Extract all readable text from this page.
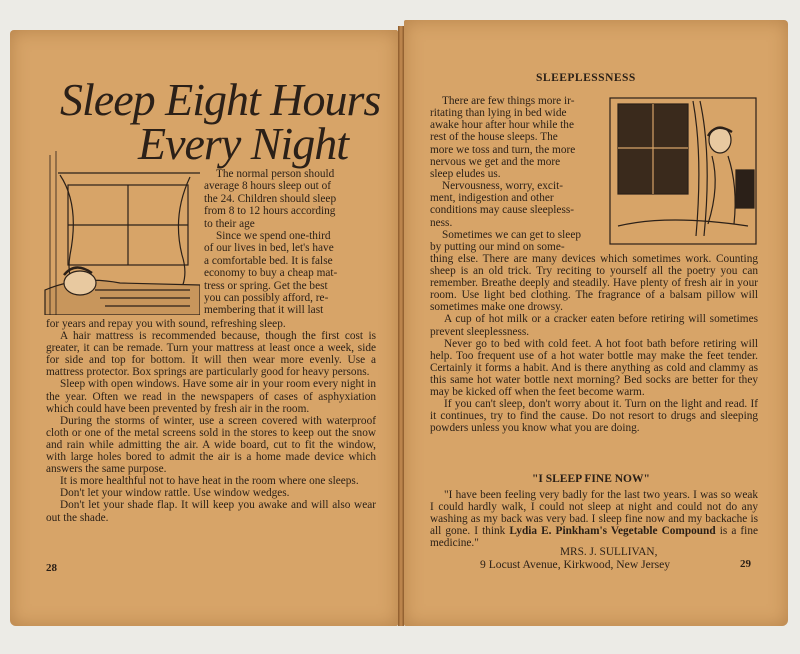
Sleep Eight Hours
Every Night
The normal person should
average 8 hours sleep out of
the 24. Children should sleep
from 8 to 12 hours according
to their age
Since we spend one-third
of our lives in bed, let's have
a comfortable bed. It is false
economy to buy a cheap mat-
tress or spring. Get the best
you can possibly afford, re-
membering that it will last

for years and repay you with sound, refreshing sleep.

A hair mattress is recommended because, though the first cost is greater, it can be remade. Turn your mattress at least once a week, side for side and top for bottom. It will then wear more evenly. Use a mattress protector. Box springs are particularly good for heavy persons.

Sleep with open windows. Have some air in your room every night in the year. Often we read in the newspapers of cases of asphyxiation which could have been prevented by fresh air in the room.

During the storms of winter, use a screen covered with waterproof cloth or one of the metal screens sold in the stores to keep out the snow and rain while admitting the air. A wide board, cut to fit the window, with large holes bored to admit the air is a home made device which answers the same purpose.

It is more healthful not to have heat in the room where one sleeps.

Don't let your window rattle. Use window wedges.

Don't let your shade flap. It will keep you awake and will also wear out the shade.

28
SLEEPLESSNESS
There are few things more ir-
ritating than lying in bed wide
awake hour after hour while the
rest of the house sleeps. The
more we toss and turn, the more
nervous we get and the more
sleep eludes us.
Nervousness, worry, excit-
ment, indigestion and other
conditions may cause sleepless-
ness.
Sometimes we can get to sleep
by putting our mind on some-

thing else. There are many devices which sometimes work. Counting sheep is an old trick. Try reciting to yourself all the poetry you can remember. Breathe deeply and steadily. Have plenty of fresh air in your room. Use light bed clothing. The fragrance of a balsam pillow will sometimes make one drowsy.

A cup of hot milk or a cracker eaten before retiring will sometimes prevent sleeplessness.

Never go to bed with cold feet. A hot foot bath before retiring will help. Too frequent use of a hot water bottle may make the feet tender. Certainly it forms a habit. And is there anything as cold and clammy as this same hot water bottle next morning? Bed socks are better for they may be kicked off when the feet become warm.

If you can't sleep, don't worry about it. Turn on the light and read. If it continues, try to find the cause. Do not resort to drugs and sleeping powders unless you know what you are doing.

"I SLEEP FINE NOW"

"I have been feeling very badly for the last two years. I was so weak I could hardly walk, I could not sleep at night and could not do any washing as my back was very bad. I sleep fine now and my backache is all gone. I think Lydia E. Pinkham's Vegetable Compound is a fine medicine."

MRS. J. SULLIVAN,
9 Locust Avenue, Kirkwood, New Jersey	29
